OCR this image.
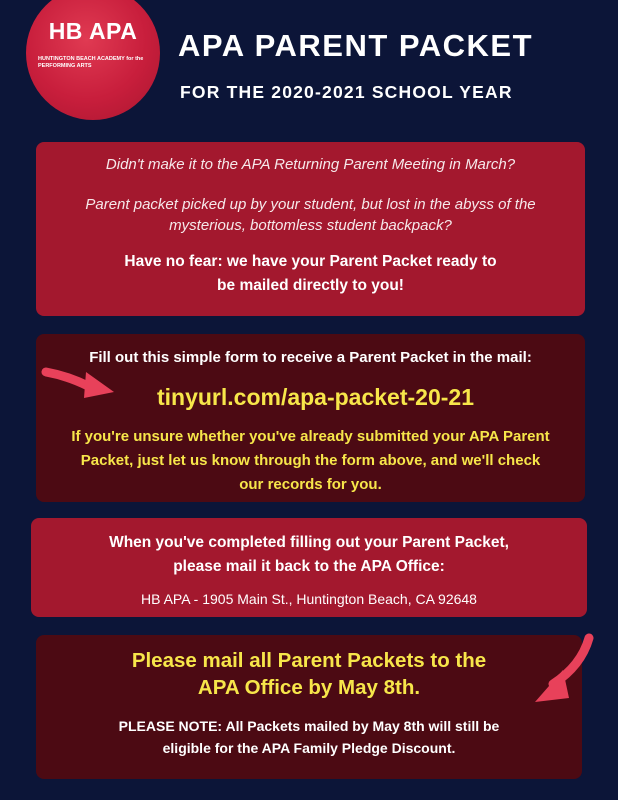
HB APA
HUNTINGTON BEACH ACADEMY for the PERFORMING ARTS
APA PARENT PACKET
FOR THE 2020-2021 SCHOOL YEAR

Didn't make it to the APA Returning Parent Meeting in March?

Parent packet picked up by your student, but lost in the abyss of the mysterious, bottomless student backpack?

Have no fear: we have your Parent Packet ready to be mailed directly to you!

Fill out this simple form to receive a Parent Packet in the mail:

tinyurl.com/apa-packet-20-21

If you're unsure whether you've already submitted your APA Parent Packet, just let us know through the form above, and we'll check our records for you.

When you've completed filling out your Parent Packet, please mail it back to the APA Office:

HB APA - 1905 Main St., Huntington Beach, CA 92648

Please mail all Parent Packets to the APA Office by May 8th.

PLEASE NOTE: All Packets mailed by May 8th will still be eligible for the APA Family Pledge Discount.
